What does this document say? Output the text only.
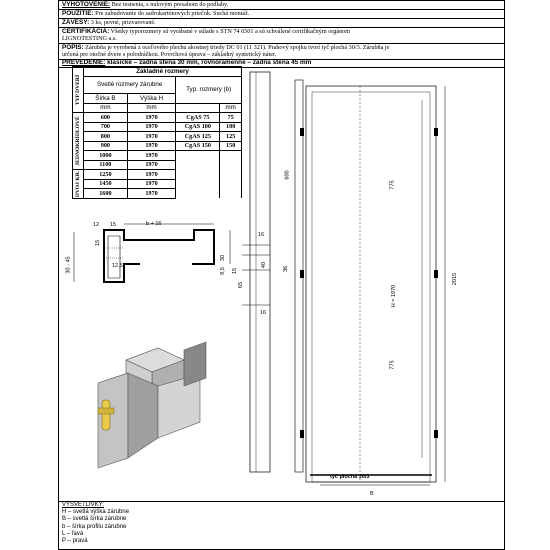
VYHOTOVENIE: Bez tesnenia, s nulovým presahom do podlahy.
POUŽITIE: Pre zabudovanie do sadrokartónových priečok. Suchá montáž.
ZÁVESY: 3 ks, pevné, prizvarované.
CERTIFIKÁCIA: Všetky typorozmery sú vyrábané v súlade s STN 74 6501 a sú schválené certifikačným orgánom
LIGNOTESTING a.s.
POPIS: Zárubňa je vyrobená z oceľového plechu akostnej triedy DC 01 (11 321). Prahový spojku tvorí tyč plochá 30/3. Zárubňa je
určená pre otočné dvere s polodrážkou. Povrchová úprava – základný syntetický náter.
PREVEDENIE: klasické – zadná stena 30 mm, rovnoramenné – zadná stena 45 mm
TYP DVERÍ	Základné rozmery			
	Svetlé rozmery zárubne		Typ. rozmery (b)	
	Šírka B	Výška H		
	mm	mm		mm

JEDNOKRÍDLOVÉ	600	1970	CgAS 75	75
	700	1970	CgAS 100	100
	800	1970	CgAS 125	125
	900	1970	CgAS 150	150
	1000	1970		
	1100	1970		

DVOJ KR.	1250	1970		
	1450	1970		
	1600	1970		
b + 16
12 15
12,5
30 - 45
15
30
9,5 15
600
775
H = 1970
775
2015
16
40
36
16
65
tyč plochá 30/3
B
VYSVETLIVKY:
H – svetlá výška zárubne
B – svetlá šírka zárubne
b – šírka profilu zárubne
L – ľavá
P – pravá
